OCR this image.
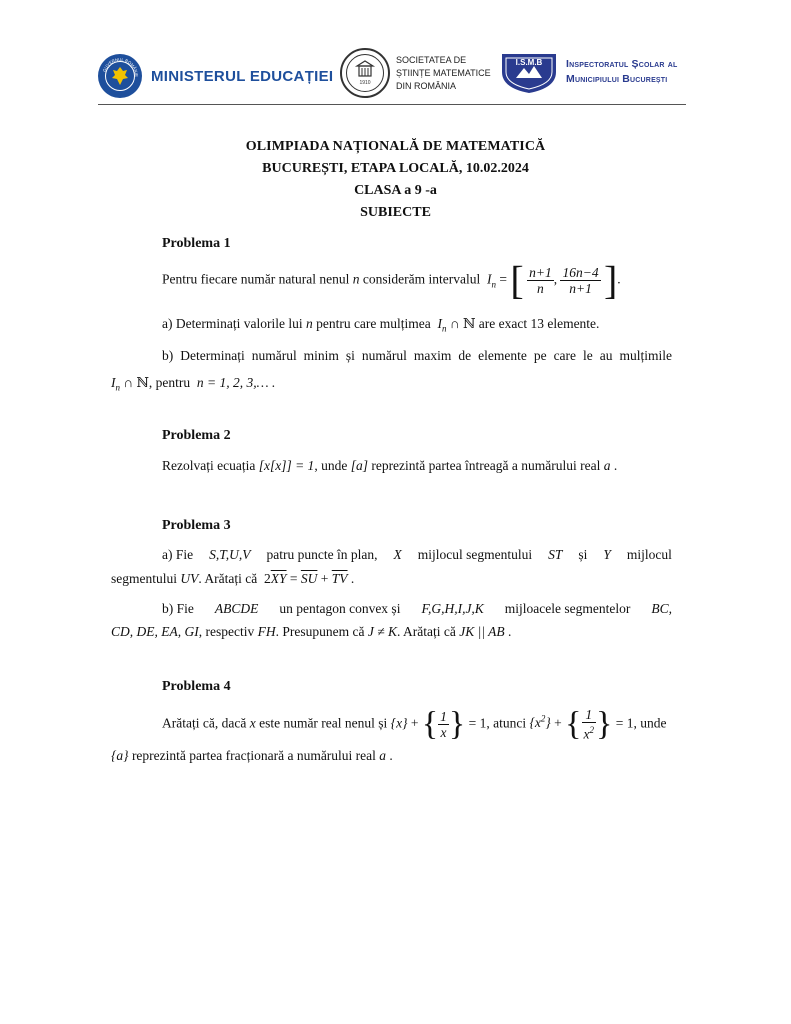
GUVERNUL ROMÂNIE MINISTERUL EDUCAȚIEI	1910
SOCIETATEA DE
ȘTIINȚE MATEMATICE
DIN ROMÂNIA
I.S.M.B Inspectoratul Școlar al
Municipiului București
OLIMPIADA NAȚIONALĂ DE MATEMATICĂ
BUCUREȘTI, ETAPA LOCALĂ, 10.02.2024
CLASA a 9 -a
SUBIECTE
Problema 1
Pentru fiecare număr natural nenul n considerăm intervalul $I_n$ = [ $\frac{n+1}{n}$ , $\frac{16n-4}{n+1}$ ].
a) Determinați valorile lui n pentru care mulțimea $I_n$ ∩ ℕ are exact 13 elemente.
b) Determinați numărul minim și numărul maxim de elemente pe care le au mulțimile
$I_n$ ∩ ℕ, pentru n = 1, 2, 3,… .
Problema 2
Rezolvați ecuația [x[x]] = 1, unde [a] reprezintă partea întreagă a numărului real a .
Problema 3
a) Fie S,T,U,V patru puncte în plan, X mijlocul segmentului ST și Y mijlocul
segmentului UV. Arătați că $2\overline{XY} = \overline{SU} + \overline{TV}$ .
b) Fie ABCDE un pentagon convex și F,G,H,I,J,K mijloacele segmentelor BC,
CD, DE, EA, GI, respectiv FH. Presupunem că J ≠ K. Arătați că JK || AB .
Problema 4
Arătați că, dacă x este număr real nenul și {x} + { $\frac{1}{x}$ } = 1, atunci $\{x^2\}$ + { $\frac{1}{x^2}$ } = 1, unde
{a} reprezintă partea fracționară a numărului real a .
